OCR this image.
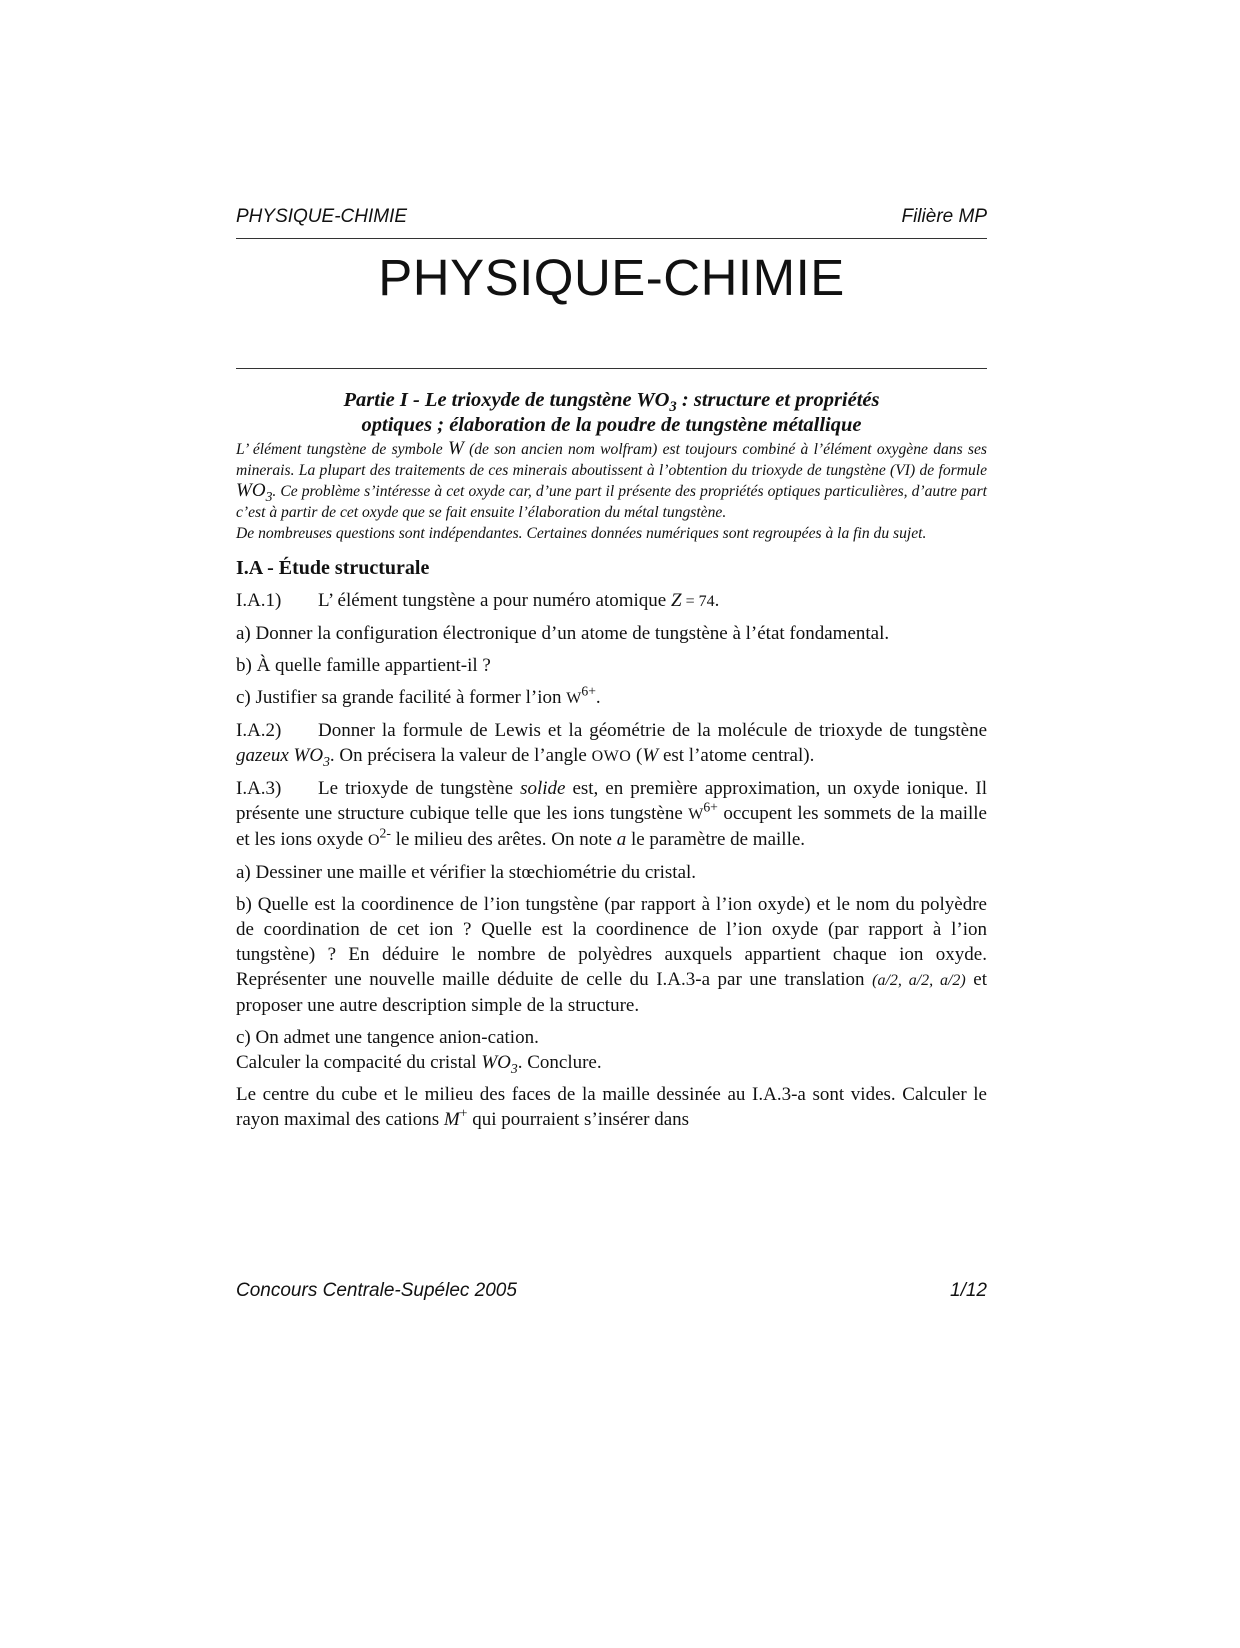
PHYSIQUE-CHIMIE	Filière MP
PHYSIQUE-CHIMIE
Partie I - Le trioxyde de tungstène $WO_3$ : structure et propriétés
optiques ; élaboration de la poudre de tungstène métallique
L’ élément tungstène de symbole W (de son ancien nom wolfram) est toujours combiné à l’élément oxygène dans ses minerais. La plupart des traitements de ces minerais aboutissent à l’obtention du trioxyde de tungstène (VI) de formule $WO_3$. Ce problème s’intéresse à cet oxyde car, d’une part il présente des propriétés optiques particulières, d’autre part c’est à partir de cet oxyde que se fait ensuite l’élaboration du métal tungstène.
De nombreuses questions sont indépendantes. Certaines données numériques sont regroupées à la fin du sujet.
I.A - Étude structurale
I.A.1) L’ élément tungstène a pour numéro atomique Z = 74.
a) Donner la configuration électronique d’un atome de tungstène à l’état fondamental.
b) À quelle famille appartient-il ?
c) Justifier sa grande facilité à former l’ion $W^{6+}$.
I.A.2) Donner la formule de Lewis et la géométrie de la molécule de trioxyde de tungstène gazeux $WO_3$. On précisera la valeur de l’angle OWO (W est l’atome central).
I.A.3) Le trioxyde de tungstène solide est, en première approximation, un oxyde ionique. Il présente une structure cubique telle que les ions tungstène $W^{6+}$ occupent les sommets de la maille et les ions oxyde $O^{2-}$ le milieu des arêtes. On note a le paramètre de maille.
a) Dessiner une maille et vérifier la stœchiométrie du cristal.
b) Quelle est la coordinence de l’ion tungstène (par rapport à l’ion oxyde) et le nom du polyèdre de coordination de cet ion ? Quelle est la coordinence de l’ion oxyde (par rapport à l’ion tungstène) ? En déduire le nombre de polyèdres auxquels appartient chaque ion oxyde. Représenter une nouvelle maille déduite de celle du I.A.3-a par une translation (a/2, a/2, a/2) et proposer une autre description simple de la structure.
c) On admet une tangence anion-cation.
Calculer la compacité du cristal $WO_3$. Conclure.
Le centre du cube et le milieu des faces de la maille dessinée au I.A.3-a sont vides. Calculer le rayon maximal des cations M+ qui pourraient s’insérer dans
Concours Centrale-Supélec 2005	1/12
